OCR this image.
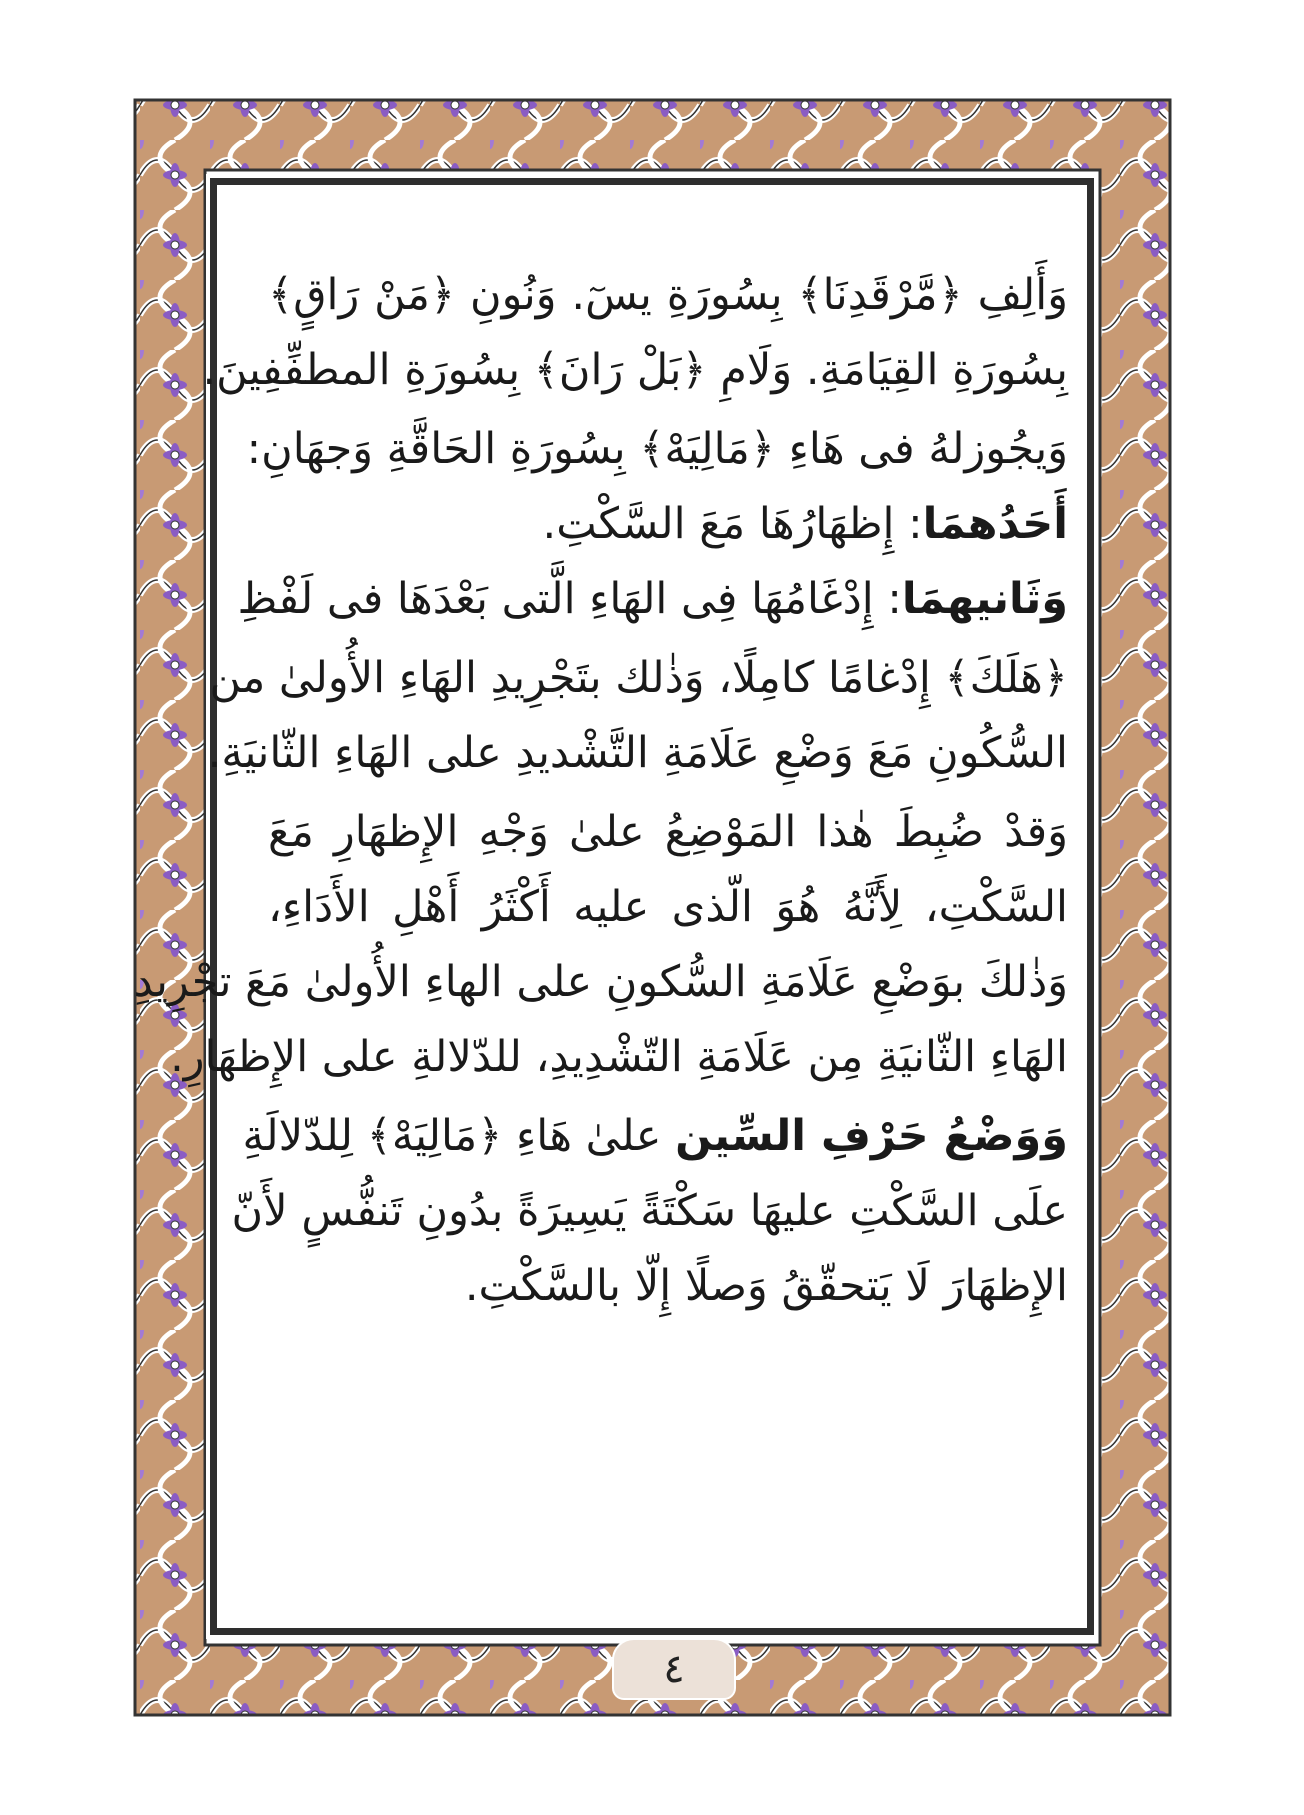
وَأَلِفِ ﴿مَّرْقَدِنَا﴾ بِسُورَةِ يسٓ. وَنُونِ ﴿مَنْ رَاقٍ﴾
بِسُورَةِ القِيَامَةِ. وَلَامِ ﴿بَلْ رَانَ﴾ بِسُورَةِ المطفِّفِينَ.
وَيجُوزلهُ فى هَاءِ ﴿مَالِيَهْ﴾ بِسُورَةِ الحَاقَّةِ وَجهَانِ:
أَحَدُهمَا: إِظهَارُهَا مَعَ السَّكْتِ.
وَثَانيهمَا: إِدْغَامُهَا فِى الهَاءِ الَّتى بَعْدَهَا فى لَفْظِ
﴿هَلَكَ﴾ إِدْغامًا كامِلًا، وَذٰلك بتَجْرِيدِ الهَاءِ الأُولىٰ من
السُّكُونِ مَعَ وَضْعِ عَلَامَةِ التَّشْديدِ على الهَاءِ الثّانيَةِ.
وَقدْ ضُبِطَ هٰذا المَوْضِعُ علىٰ وَجْهِ الإِظهَارِ مَعَ
السَّكْتِ، لِأَنَّهُ هُوَ الّذى عليه أَكْثَرُ أَهْلِ الأَدَاءِ،
وَذٰلكَ بوَضْعِ عَلَامَةِ السُّكونِ على الهاءِ الأُولىٰ مَعَ تجْرِيدِ
الهَاءِ الثّانيَةِ مِن عَلَامَةِ التّشْدِيدِ، للدّلالةِ على الإِظهَارِ.
وَوَضْعُ حَرْفِ السِّين علىٰ هَاءِ ﴿مَالِيَهْ﴾ لِلدّلالَةِ
علَى السَّكْتِ عليهَا سَكْتَةً يَسِيرَةً بدُونِ تَنفُّسٍ لأَنّ
الإِظهَارَ لَا يَتحقّقُ وَصلًا إِلّا بالسَّكْتِ.
٤
